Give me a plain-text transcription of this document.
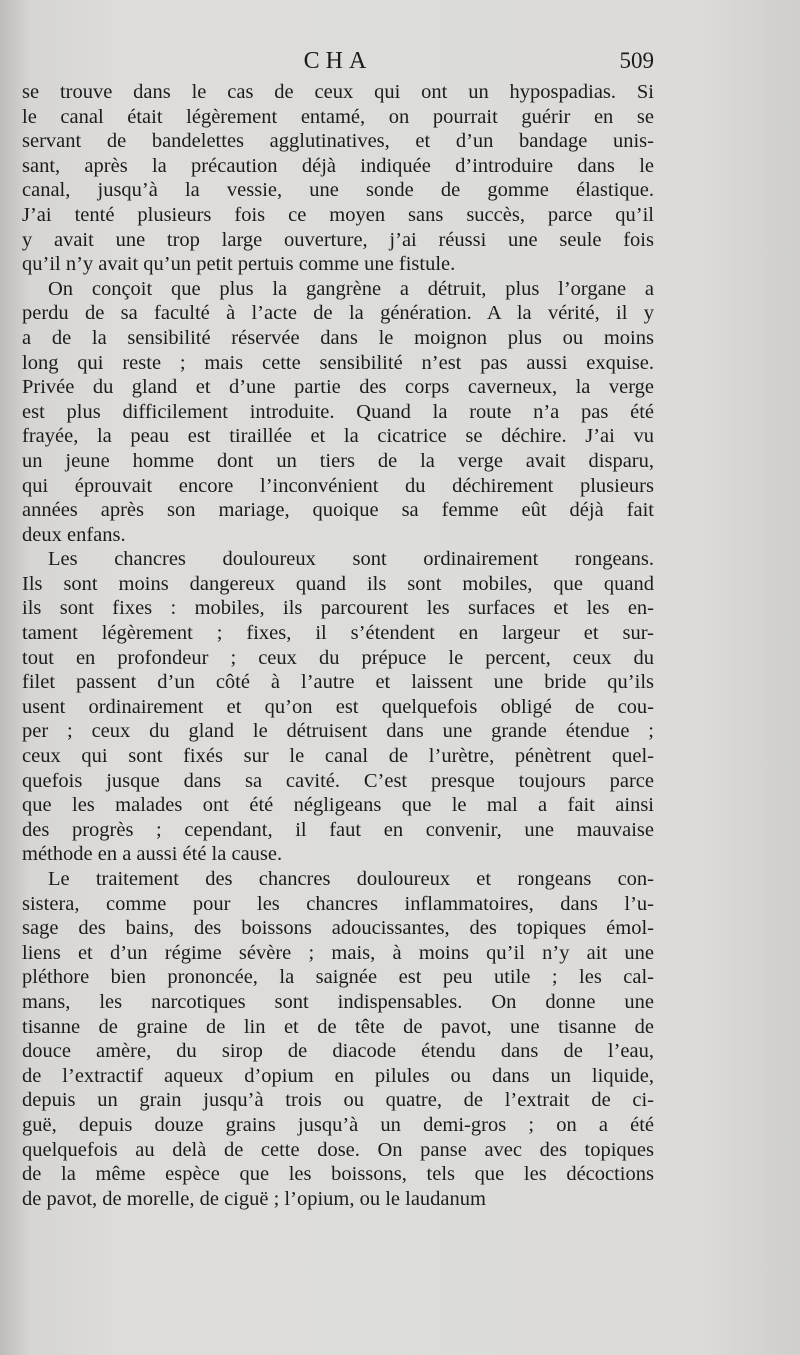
CHA	509
se trouve dans le cas de ceux qui ont un hypospadias. Si
le canal était légèrement entamé, on pourrait guérir en se
servant de bandelettes agglutinatives, et d’un bandage unis-
sant, après la précaution déjà indiquée d’introduire dans le
canal, jusqu’à la vessie, une sonde de gomme élastique.
J’ai tenté plusieurs fois ce moyen sans succès, parce qu’il
y avait une trop large ouverture, j’ai réussi une seule fois
qu’il n’y avait qu’un petit pertuis comme une fistule.
On conçoit que plus la gangrène a détruit, plus l’organe a
perdu de sa faculté à l’acte de la génération. A la vérité, il y
a de la sensibilité réservée dans le moignon plus ou moins
long qui reste ; mais cette sensibilité n’est pas aussi exquise.
Privée du gland et d’une partie des corps caverneux, la verge
est plus difficilement introduite. Quand la route n’a pas été
frayée, la peau est tiraillée et la cicatrice se déchire. J’ai vu
un jeune homme dont un tiers de la verge avait disparu,
qui éprouvait encore l’inconvénient du déchirement plusieurs
années après son mariage, quoique sa femme eût déjà fait
deux enfans.
Les chancres douloureux sont ordinairement rongeans.
Ils sont moins dangereux quand ils sont mobiles, que quand
ils sont fixes : mobiles, ils parcourent les surfaces et les en-
tament légèrement ; fixes, il s’étendent en largeur et sur-
tout en profondeur ; ceux du prépuce le percent, ceux du
filet passent d’un côté à l’autre et laissent une bride qu’ils
usent ordinairement et qu’on est quelquefois obligé de cou-
per ; ceux du gland le détruisent dans une grande étendue ;
ceux qui sont fixés sur le canal de l’urètre, pénètrent quel-
quefois jusque dans sa cavité. C’est presque toujours parce
que les malades ont été négligeans que le mal a fait ainsi
des progrès ; cependant, il faut en convenir, une mauvaise
méthode en a aussi été la cause.
Le traitement des chancres douloureux et rongeans con-
sistera, comme pour les chancres inflammatoires, dans l’u-
sage des bains, des boissons adoucissantes, des topiques émol-
liens et d’un régime sévère ; mais, à moins qu’il n’y ait une
pléthore bien prononcée, la saignée est peu utile ; les cal-
mans, les narcotiques sont indispensables. On donne une
tisanne de graine de lin et de tête de pavot, une tisanne de
douce amère, du sirop de diacode étendu dans de l’eau,
de l’extractif aqueux d’opium en pilules ou dans un liquide,
depuis un grain jusqu’à trois ou quatre, de l’extrait de ci-
guë, depuis douze grains jusqu’à un demi-gros ; on a été
quelquefois au delà de cette dose. On panse avec des topiques
de la même espèce que les boissons, tels que les décoctions
de pavot, de morelle, de ciguë ; l’opium, ou le laudanum
